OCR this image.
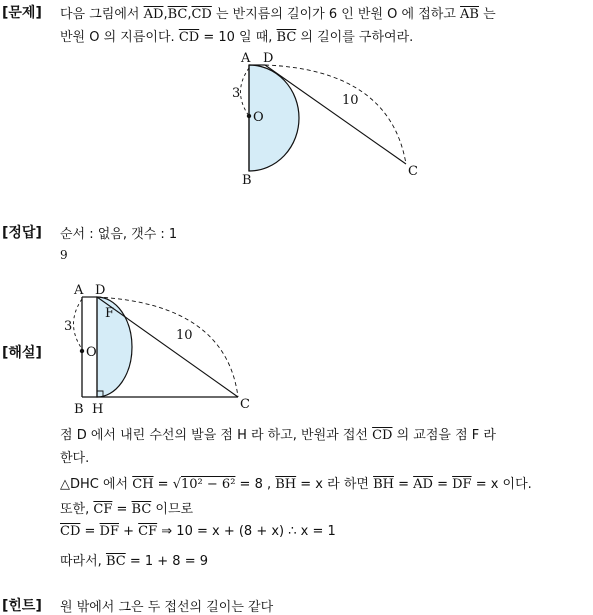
[문제] 다음 그림에서 $\overline{AD},\overline{BC},\overline{CD}$ 는 반지름의 길이가 6 인 반원 O 에 접하고 $\overline{AB}$ 는
반원 O 의 지름이다. $\overline{CD} = 10$ 일 때, $\overline{BC}$ 의 길이를 구하여라.
A D
O
B
C
3	10
[정답] 순서 : 없음, 갯수 : 1
9
A D
F
O
B H	C
3
10
[해설]
점 D 에서 내린 수선의 발을 점 H 라 하고, 반원과 접선 $\overline{CD}$ 의 교점을 점 F 라
한다.
△DHC 에서 $\overline{CH} = √10^2 - 6^2 = 8$ , $\overline{BH} = x$ 라 하면 $\overline{BH} = \overline{AD} = \overline{DF} = x$ 이다.
또한, $\overline{CF} = \overline{BC}$ 이므로
$\overline{CD} = \overline{DF} + \overline{CF}$ ⇒ 10 = x + (8 + x) ∴ x = 1
따라서, $\overline{BC} = 1 + 8 = 9$
[힌트] 원 밖에서 그은 두 접선의 길이는 같다
